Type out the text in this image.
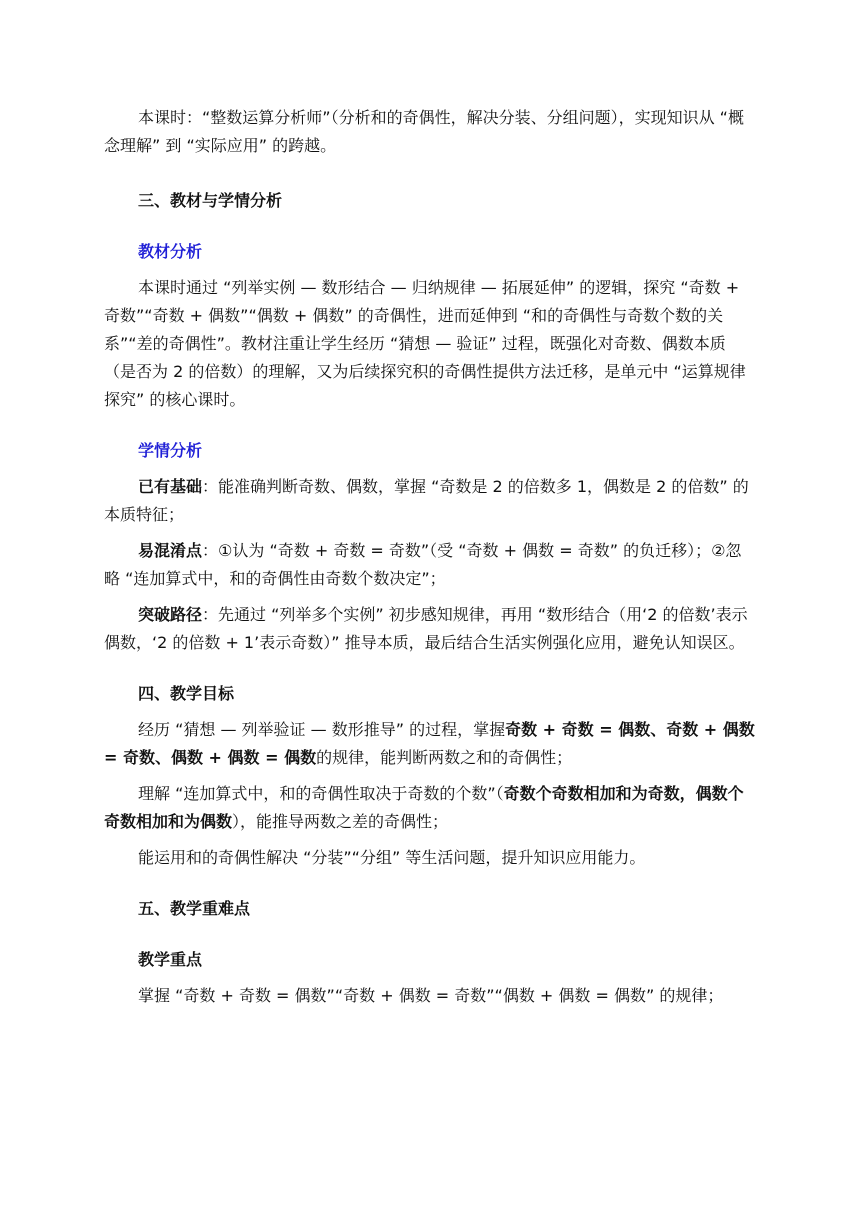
本课时：“整数运算分析师”（分析和的奇偶性，解决分装、分组问题），实现知识从 “概念理解” 到 “实际应用” 的跨越。

三、教材与学情分析

教材分析

本课时通过 “列举实例 — 数形结合 — 归纳规律 — 拓展延伸” 的逻辑，探究 “奇数 + 奇数”“奇数 + 偶数”“偶数 + 偶数” 的奇偶性，进而延伸到 “和的奇偶性与奇数个数的关系”“差的奇偶性”。教材注重让学生经历 “猜想 — 验证” 过程，既强化对奇数、偶数本质（是否为 2 的倍数）的理解，又为后续探究积的奇偶性提供方法迁移，是单元中 “运算规律探究” 的核心课时。

学情分析

已有基础：能准确判断奇数、偶数，掌握 “奇数是 2 的倍数多 1，偶数是 2 的倍数” 的本质特征；

易混淆点：①认为 “奇数 + 奇数 = 奇数”（受 “奇数 + 偶数 = 奇数” 的负迁移）；②忽略 “连加算式中，和的奇偶性由奇数个数决定”；

突破路径：先通过 “列举多个实例” 初步感知规律，再用 “数形结合（用‘2 的倍数’表示偶数，‘2 的倍数 + 1’表示奇数）” 推导本质，最后结合生活实例强化应用，避免认知误区。

四、教学目标

经历 “猜想 — 列举验证 — 数形推导” 的过程，掌握奇数 + 奇数 = 偶数、奇数 + 偶数 = 奇数、偶数 + 偶数 = 偶数的规律，能判断两数之和的奇偶性；

理解 “连加算式中，和的奇偶性取决于奇数的个数”（奇数个奇数相加和为奇数，偶数个奇数相加和为偶数），能推导两数之差的奇偶性；

能运用和的奇偶性解决 “分装”“分组” 等生活问题，提升知识应用能力。

五、教学重难点

教学重点

掌握 “奇数 + 奇数 = 偶数”“奇数 + 偶数 = 奇数”“偶数 + 偶数 = 偶数” 的规律；
